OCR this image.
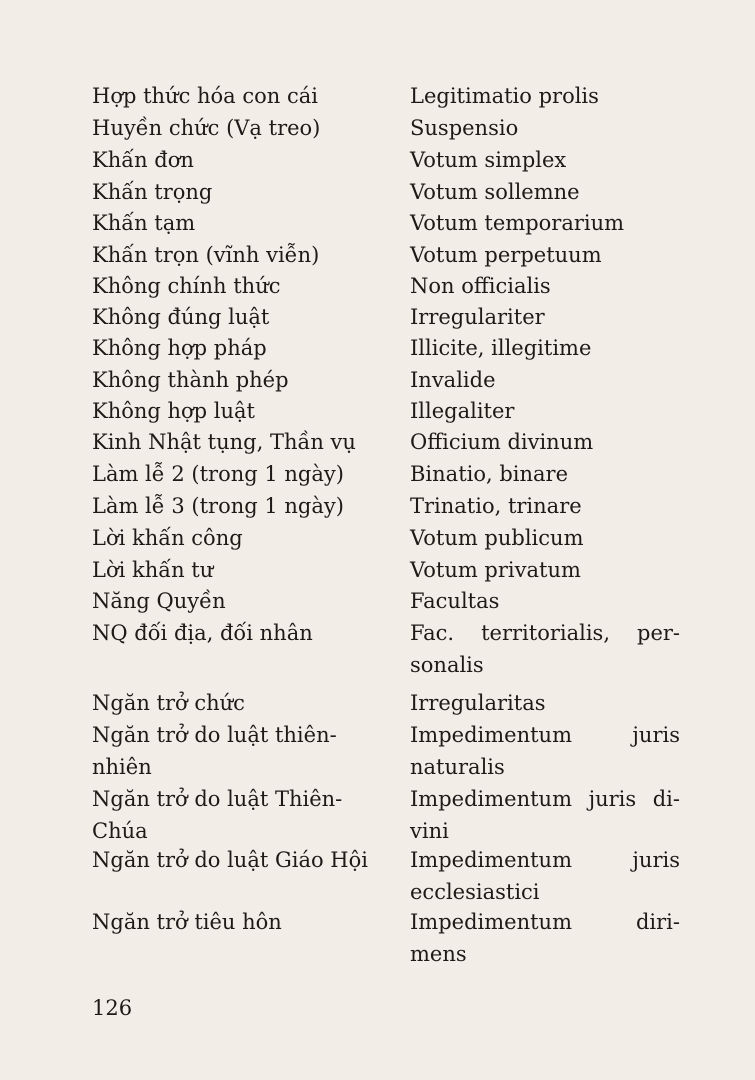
Hợp thức hóa con cái	Legitimatio prolis
Huyền chức (Vạ treo)	Suspensio
Khấn đơn	Votum simplex
Khấn trọng	Votum sollemne
Khấn tạm	Votum temporarium
Khấn trọn (vĩnh viễn)	Votum perpetuum
Không chính thức	Non officialis
Không đúng luật	Irregulariter
Không hợp pháp	Illicite, illegitime
Không thành phép	Invalide
Không hợp luật	Illegaliter
Kinh Nhật tụng, Thần vụ	Officium divinum
Làm lễ 2 (trong 1 ngày)	Binatio, binare
Làm lễ 3 (trong 1 ngày)	Trinatio, trinare
Lời khấn công	Votum publicum
Lời khấn tư	Votum privatum
Năng Quyền	Facultas
NQ đối địa, đối nhân	Fac. territorialis, per-
sonalis
Ngăn trở chức	Irregularitas
Ngăn trở do luật thiên-	Impedimentum juris
nhiên	naturalis
Ngăn trở do luật Thiên-	Impedimentum juris di-
Chúa	vini
Ngăn trở do luật Giáo Hội	Impedimentum juris
ecclesiastici
Ngăn trở tiêu hôn	Impedimentum diri-
mens
126
